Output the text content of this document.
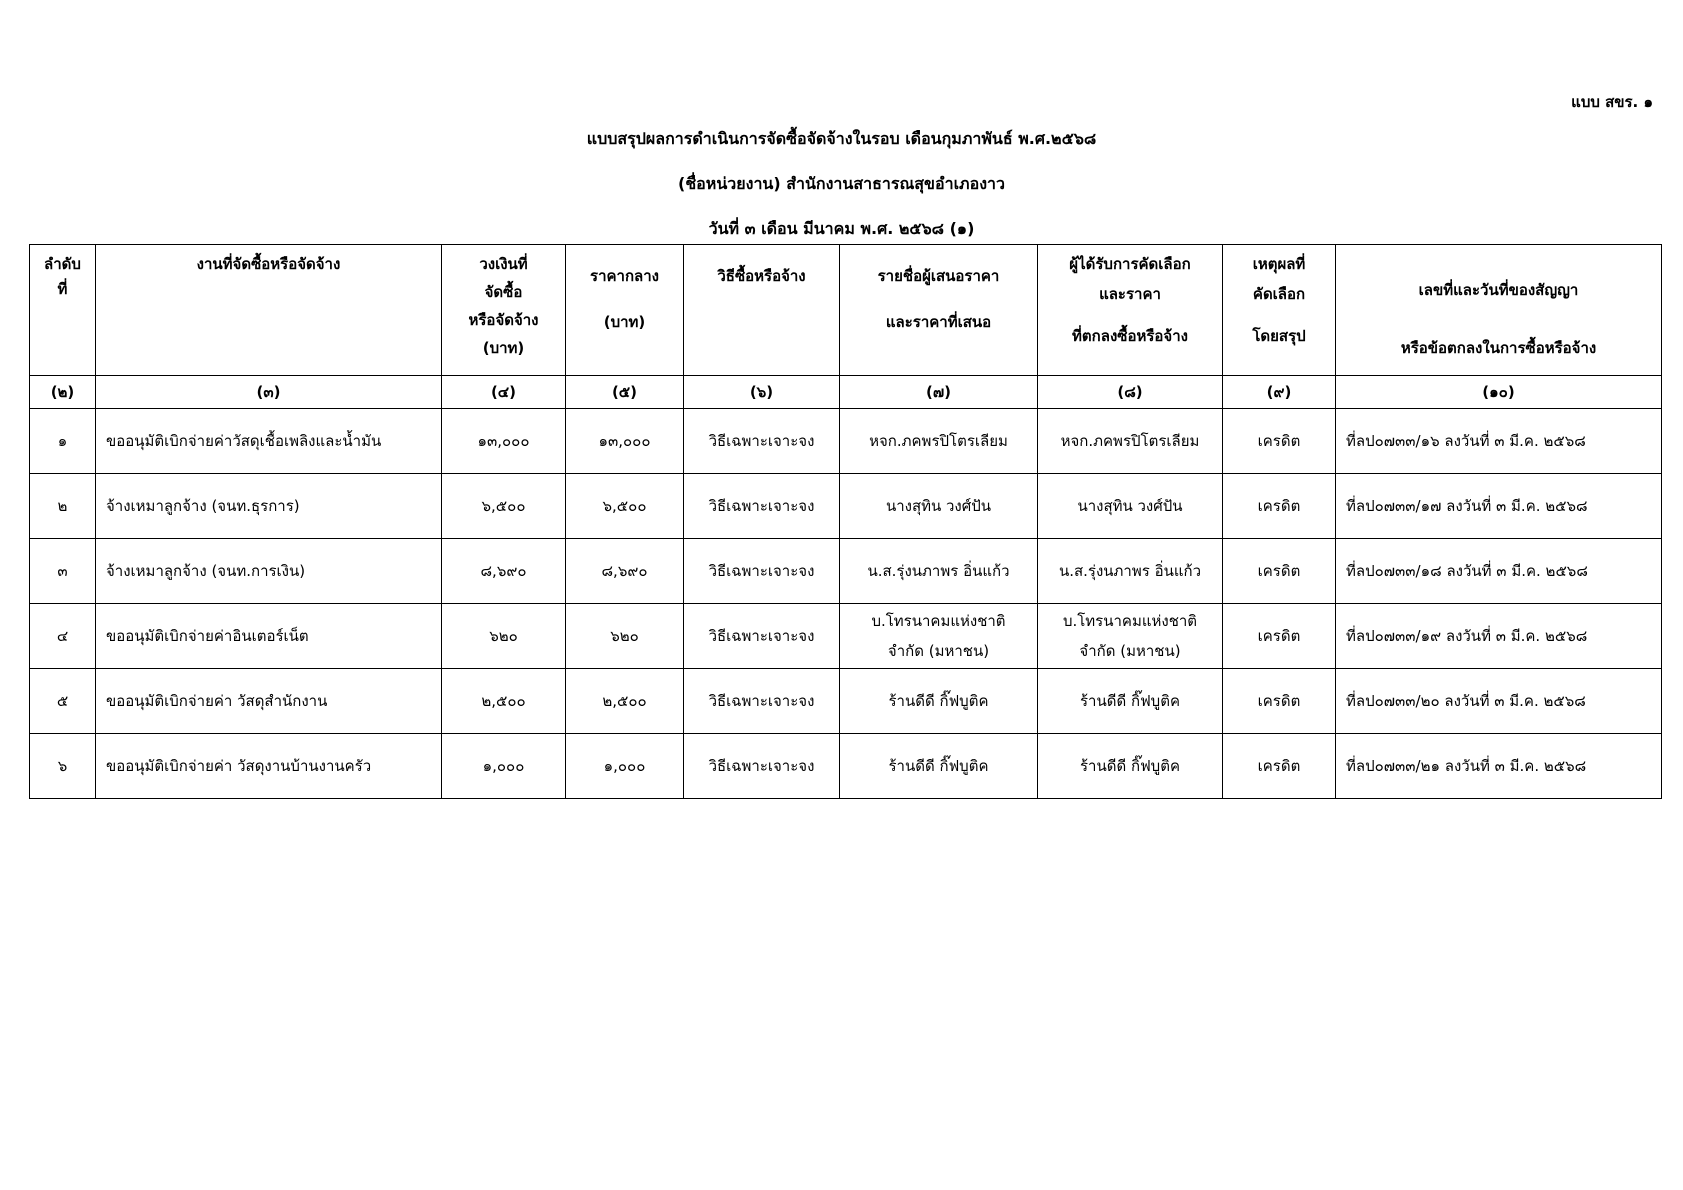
แบบ สขร. ๑
แบบสรุปผลการดำเนินการจัดซื้อจัดจ้างในรอบ เดือนกุมภาพันธ์ พ.ศ.๒๕๖๘
(ชื่อหน่วยงาน) สำนักงานสาธารณสุขอำเภองาว
วันที่ ๓ เดือน มีนาคม พ.ศ. ๒๕๖๘ (๑)
ลำดับ
ที่	งานที่จัดซื้อหรือจัดจ้าง	วงเงินที่
จัดซื้อ
หรือจัดจ้าง
(บาท)	ราคากลาง
(บาท)	วิธีซื้อหรือจ้าง	รายชื่อผู้เสนอราคา
และราคาที่เสนอ	ผู้ได้รับการคัดเลือก
และราคา
ที่ตกลงซื้อหรือจ้าง	เหตุผลที่
คัดเลือก
โดยสรุป	เลขที่และวันที่ของสัญญา
หรือข้อตกลงในการซื้อหรือจ้าง

(๒)	(๓)	(๔)	(๕)	(๖)	(๗)	(๘)	(๙)	(๑๐)
๑	ขออนุมัติเบิกจ่ายค่าวัสดุเชื้อเพลิงและน้ำมัน	๑๓,๐๐๐	๑๓,๐๐๐	วิธีเฉพาะเจาะจง	หจก.ภคพรปิโตรเลียม	หจก.ภคพรปิโตรเลียม	เครดิต	ที่ลป๐๗๓๓/๑๖ ลงวันที่ ๓ มี.ค. ๒๕๖๘
๒	จ้างเหมาลูกจ้าง (จนท.ธุรการ)	๖,๕๐๐	๖,๕๐๐	วิธีเฉพาะเจาะจง	นางสุทิน วงศ์ปัน	นางสุทิน วงศ์ปัน	เครดิต	ที่ลป๐๗๓๓/๑๗ ลงวันที่ ๓ มี.ค. ๒๕๖๘
๓	จ้างเหมาลูกจ้าง (จนท.การเงิน)	๘,๖๙๐	๘,๖๙๐	วิธีเฉพาะเจาะจง	น.ส.รุ่งนภาพร อิ่นแก้ว	น.ส.รุ่งนภาพร อิ่นแก้ว	เครดิต	ที่ลป๐๗๓๓/๑๘ ลงวันที่ ๓ มี.ค. ๒๕๖๘
๔	ขออนุมัติเบิกจ่ายค่าอินเตอร์เน็ต	๖๒๐	๖๒๐	วิธีเฉพาะเจาะจง	บ.โทรนาคมแห่งชาติ
จำกัด (มหาชน)	บ.โทรนาคมแห่งชาติ
จำกัด (มหาชน)	เครดิต	ที่ลป๐๗๓๓/๑๙ ลงวันที่ ๓ มี.ค. ๒๕๖๘
๕	ขออนุมัติเบิกจ่ายค่า วัสดุสำนักงาน	๒,๕๐๐	๒,๕๐๐	วิธีเฉพาะเจาะจง	ร้านดีดี กิ๊ฟบูติค	ร้านดีดี กิ๊ฟบูติค	เครดิต	ที่ลป๐๗๓๓/๒๐ ลงวันที่ ๓ มี.ค. ๒๕๖๘
๖	ขออนุมัติเบิกจ่ายค่า วัสดุงานบ้านงานครัว	๑,๐๐๐	๑,๐๐๐	วิธีเฉพาะเจาะจง	ร้านดีดี กิ๊ฟบูติค	ร้านดีดี กิ๊ฟบูติค	เครดิต	ที่ลป๐๗๓๓/๒๑ ลงวันที่ ๓ มี.ค. ๒๕๖๘
